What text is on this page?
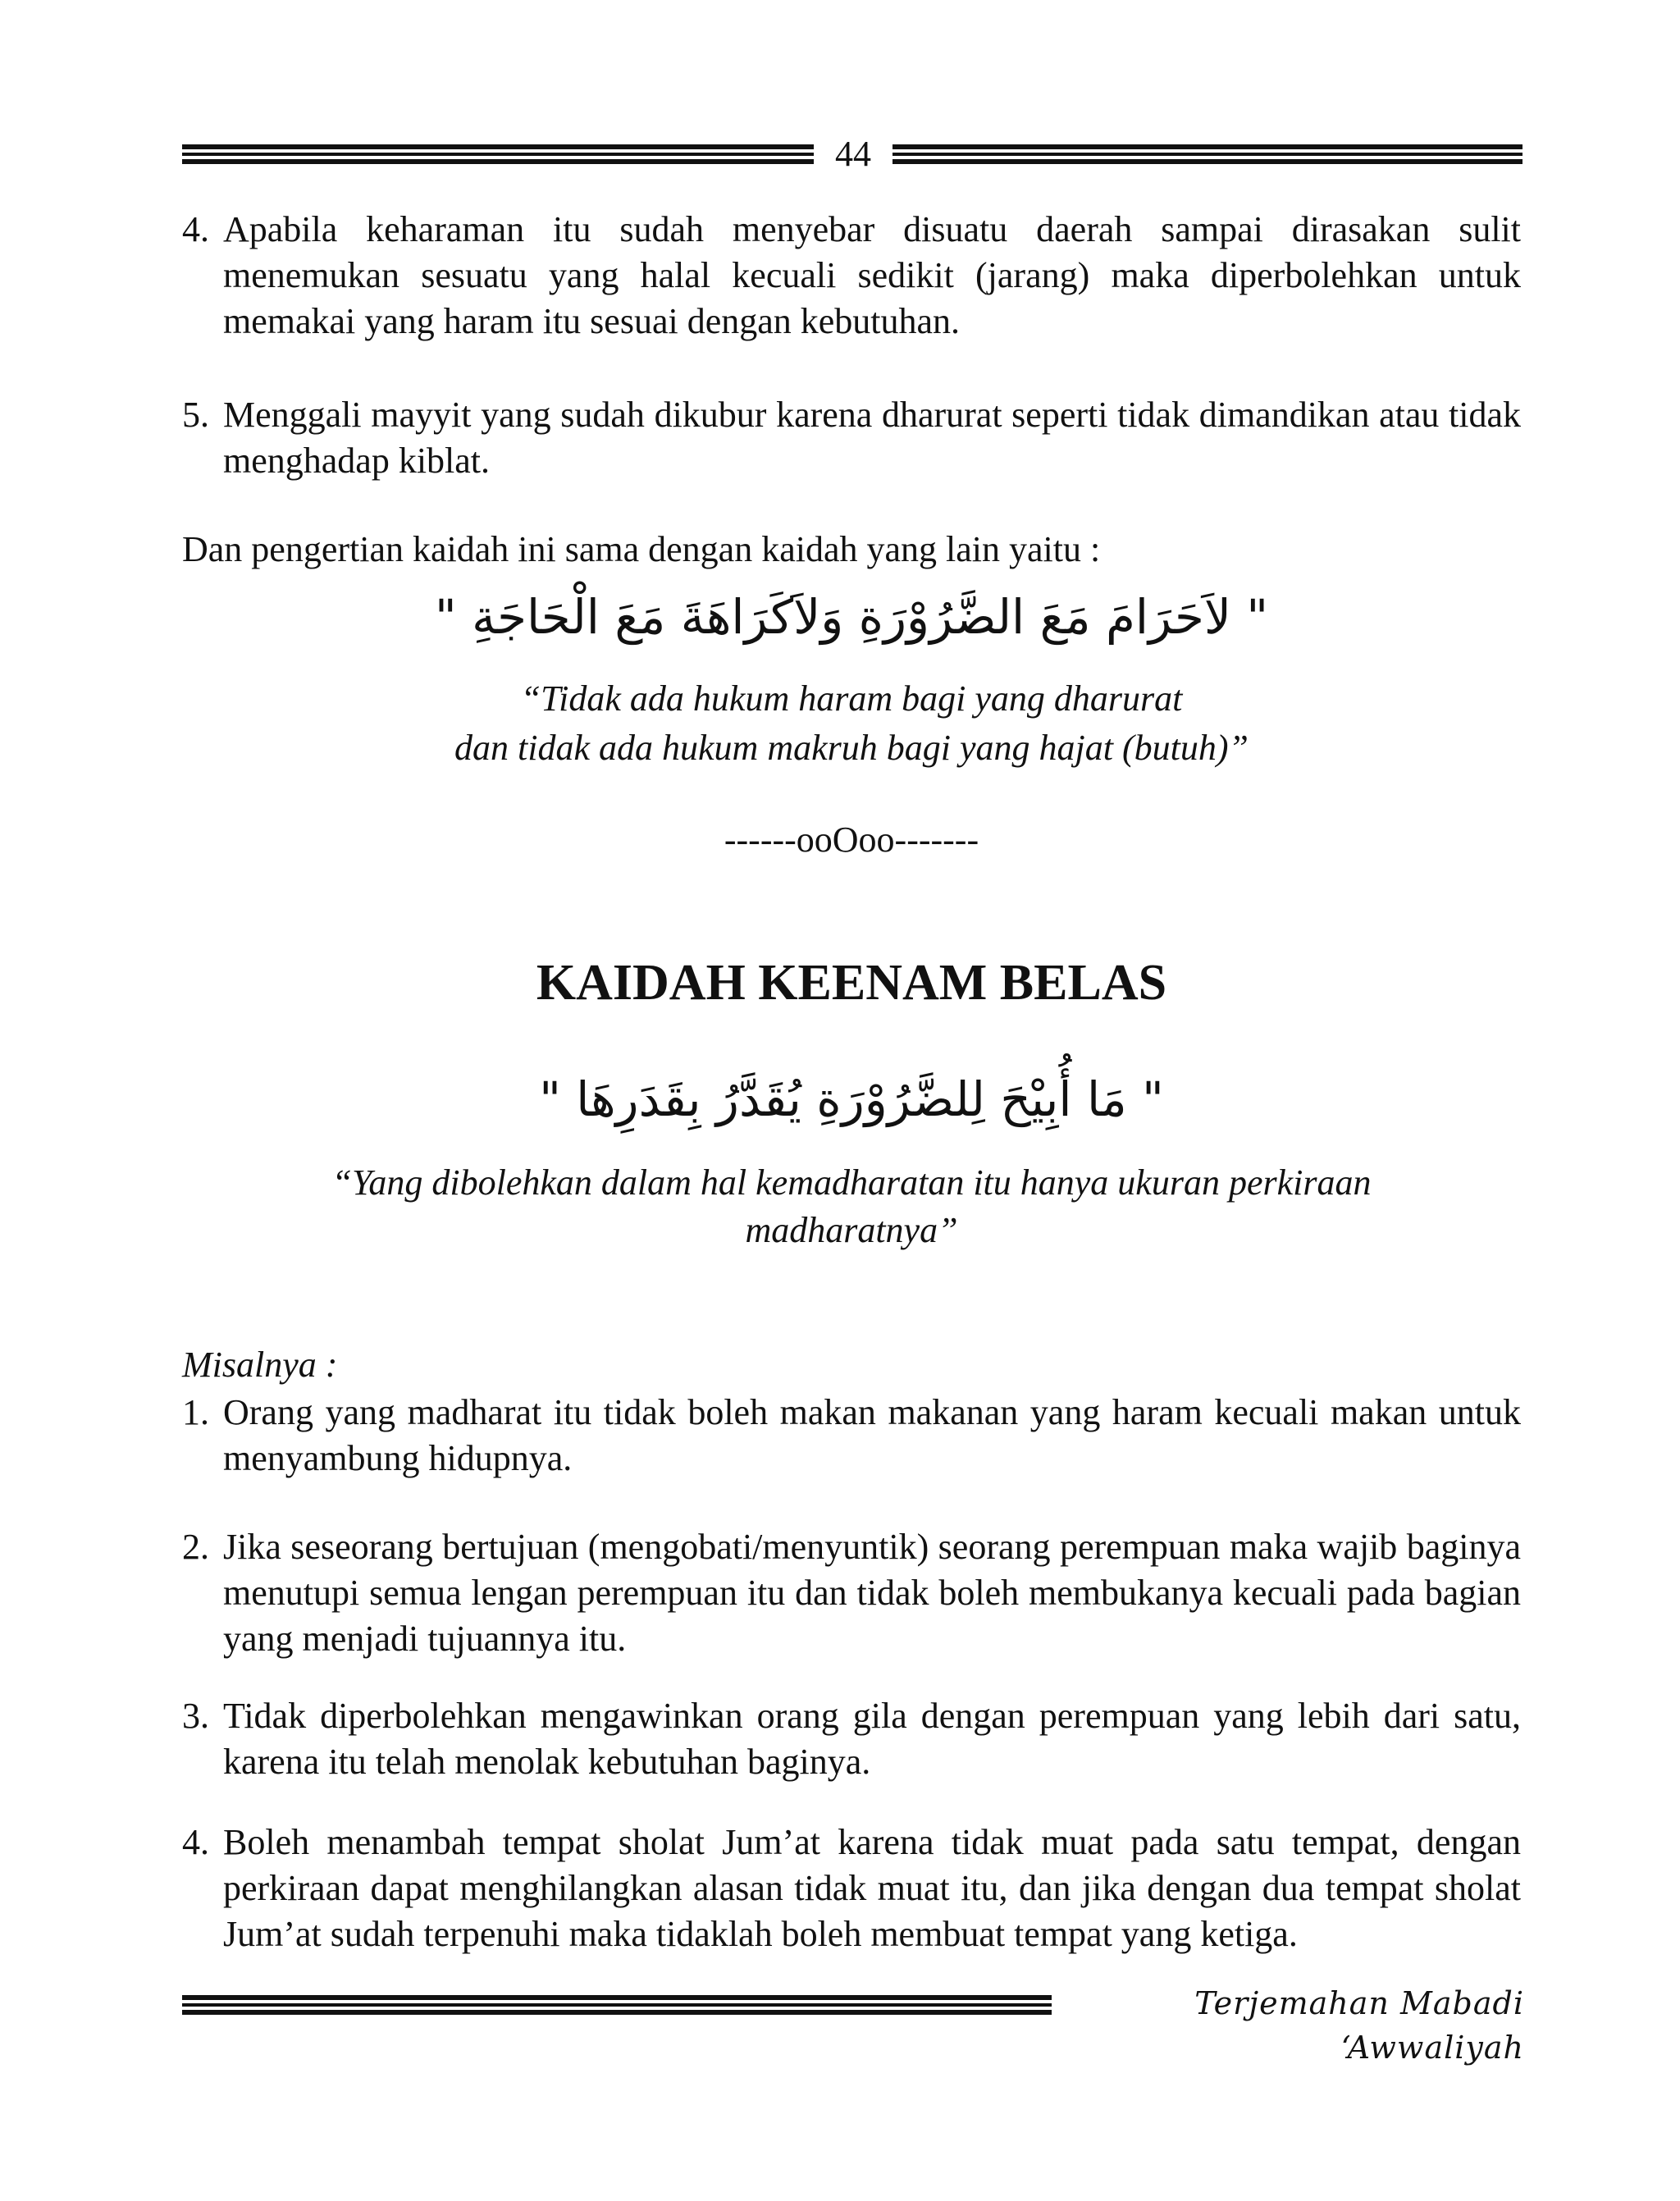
44
4. Apabila keharaman itu sudah menyebar disuatu daerah sampai dirasakan sulit menemukan sesuatu yang halal kecuali sedikit (jarang) maka diperbolehkan untuk memakai yang haram itu sesuai dengan kebutuhan.
5. Menggali mayyit yang sudah dikubur karena dharurat seperti tidak dimandikan atau tidak menghadap kiblat.
Dan pengertian kaidah ini sama dengan kaidah yang lain yaitu :
" لاَحَرَامَ مَعَ الضَّرُوْرَةِ وَلاَكَرَاهَةَ مَعَ الْحَاجَةِ "
“Tidak ada hukum haram bagi yang dharurat
dan tidak ada hukum makruh bagi yang hajat (butuh)”
------ooOoo-------
KAIDAH KEENAM BELAS
" مَا أُبِيْحَ لِلضَّرُوْرَةِ يُقَدَّرُ بِقَدَرِهَا "
“Yang dibolehkan dalam hal kemadharatan itu hanya ukuran perkiraan
madharatnya”
Misalnya :
1. Orang yang madharat itu tidak boleh makan makanan yang haram kecuali makan untuk menyambung hidupnya.
2. Jika seseorang bertujuan (mengobati/menyuntik) seorang perempuan maka wajib baginya menutupi semua lengan perempuan itu dan tidak boleh membukanya kecuali pada bagian yang menjadi tujuannya itu.
3. Tidak diperbolehkan mengawinkan orang gila dengan perempuan yang lebih dari satu, karena itu telah menolak kebutuhan baginya.
4. Boleh menambah tempat sholat Jum’at karena tidak muat pada satu tempat, dengan perkiraan dapat menghilangkan alasan tidak muat itu, dan jika dengan dua tempat sholat Jum’at sudah terpenuhi maka tidaklah boleh membuat tempat yang ketiga.
Terjemahan Mabadi ‘Awwaliyah
